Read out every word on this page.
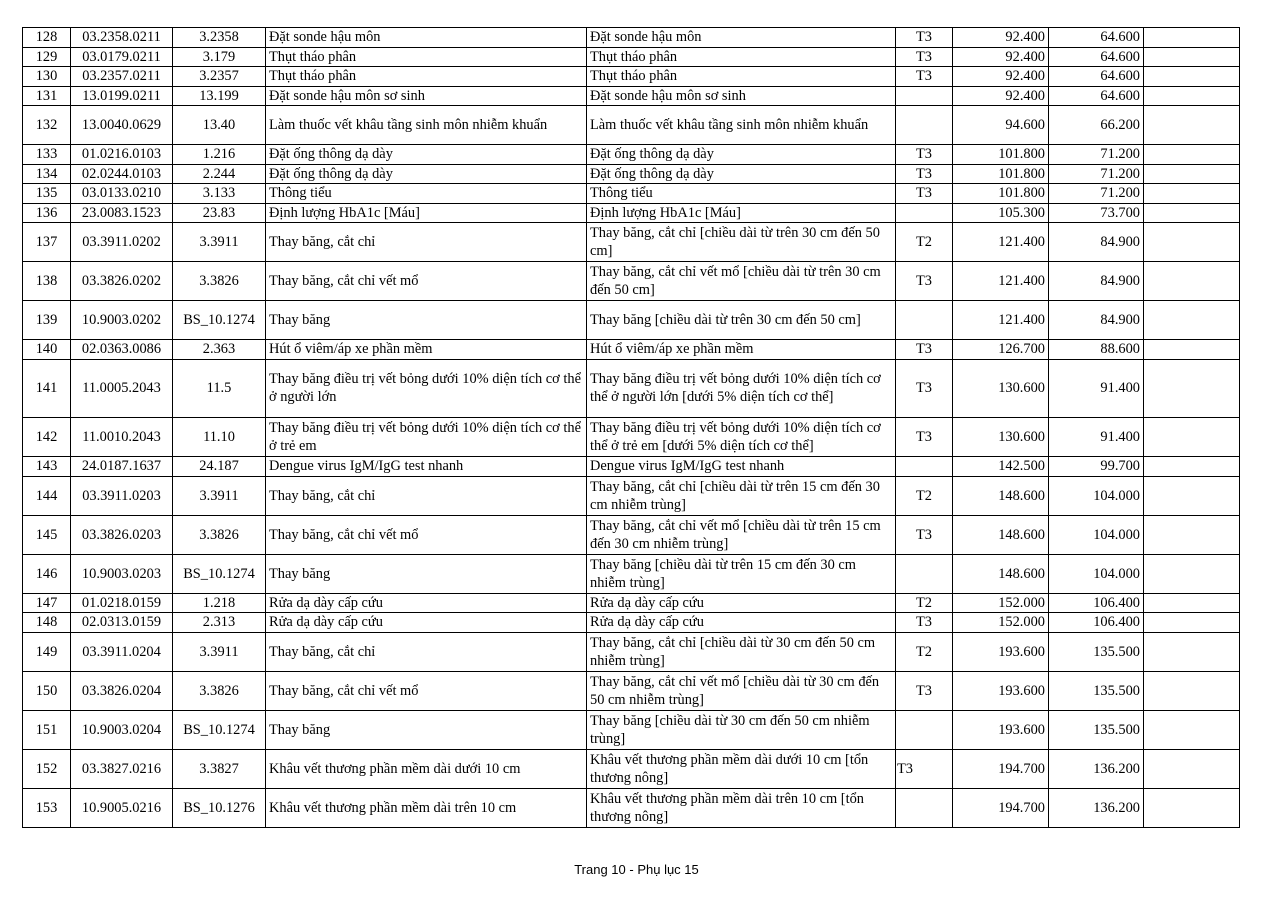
128	03.2358.0211	3.2358	Đặt sonde hậu môn	Đặt sonde hậu môn	T3	92.400	64.600	
129	03.0179.0211	3.179	Thụt tháo phân	Thụt tháo phân	T3	92.400	64.600	
130	03.2357.0211	3.2357	Thụt tháo phân	Thụt tháo phân	T3	92.400	64.600	
131	13.0199.0211	13.199	Đặt sonde hậu môn sơ sinh	Đặt sonde hậu môn sơ sinh		92.400	64.600	
132	13.0040.0629	13.40	Làm thuốc vết khâu tầng sinh môn nhiễm khuẩn	Làm thuốc vết khâu tầng sinh môn nhiễm khuẩn		94.600	66.200	
133	01.0216.0103	1.216	Đặt ống thông dạ dày	Đặt ống thông dạ dày	T3	101.800	71.200	
134	02.0244.0103	2.244	Đặt ống thông dạ dày	Đặt ống thông dạ dày	T3	101.800	71.200	
135	03.0133.0210	3.133	Thông tiểu	Thông tiểu	T3	101.800	71.200	
136	23.0083.1523	23.83	Định lượng HbA1c [Máu]	Định lượng HbA1c [Máu]		105.300	73.700	
137	03.3911.0202	3.3911	Thay băng, cắt chỉ	Thay băng, cắt chỉ [chiều dài từ trên 30 cm đến 50 cm]	T2	121.400	84.900	
138	03.3826.0202	3.3826	Thay băng, cắt chỉ vết mổ	Thay băng, cắt chỉ vết mổ [chiều dài từ trên 30 cm đến 50 cm]	T3	121.400	84.900	
139	10.9003.0202	BS_10.1274	Thay băng	Thay băng [chiều dài từ trên 30 cm đến 50 cm]		121.400	84.900	
140	02.0363.0086	2.363	Hút ổ viêm/áp xe phần mềm	Hút ổ viêm/áp xe phần mềm	T3	126.700	88.600	
141	11.0005.2043	11.5	Thay băng điều trị vết bỏng dưới 10% diện tích cơ thể ở người lớn	Thay băng điều trị vết bỏng dưới 10% diện tích cơ thể ở người lớn [dưới 5% diện tích cơ thể]	T3	130.600	91.400	
142	11.0010.2043	11.10	Thay băng điều trị vết bỏng dưới 10% diện tích cơ thể ở trẻ em	Thay băng điều trị vết bỏng dưới 10% diện tích cơ thể ở trẻ em [dưới 5% diện tích cơ thể]	T3	130.600	91.400	
143	24.0187.1637	24.187	Dengue virus IgM/IgG test nhanh	Dengue virus IgM/IgG test nhanh		142.500	99.700	
144	03.3911.0203	3.3911	Thay băng, cắt chỉ	Thay băng, cắt chỉ [chiều dài từ trên 15 cm đến 30 cm nhiễm trùng]	T2	148.600	104.000	
145	03.3826.0203	3.3826	Thay băng, cắt chỉ vết mổ	Thay băng, cắt chỉ vết mổ [chiều dài từ trên 15 cm đến 30 cm nhiễm trùng]	T3	148.600	104.000	
146	10.9003.0203	BS_10.1274	Thay băng	Thay băng [chiều dài từ trên 15 cm đến 30 cm nhiễm trùng]		148.600	104.000	
147	01.0218.0159	1.218	Rửa dạ dày cấp cứu	Rửa dạ dày cấp cứu	T2	152.000	106.400	
148	02.0313.0159	2.313	Rửa dạ dày cấp cứu	Rửa dạ dày cấp cứu	T3	152.000	106.400	
149	03.3911.0204	3.3911	Thay băng, cắt chỉ	Thay băng, cắt chỉ [chiều dài từ 30 cm đến 50 cm nhiễm trùng]	T2	193.600	135.500	
150	03.3826.0204	3.3826	Thay băng, cắt chỉ vết mổ	Thay băng, cắt chỉ vết mổ [chiều dài từ 30 cm đến 50 cm nhiễm trùng]	T3	193.600	135.500	
151	10.9003.0204	BS_10.1274	Thay băng	Thay băng [chiều dài từ 30 cm đến 50 cm nhiễm trùng]		193.600	135.500	
152	03.3827.0216	3.3827	Khâu vết thương phần mềm dài dưới 10 cm	Khâu vết thương phần mềm dài dưới 10 cm [tổn thương nông]	T3	194.700	136.200	
153	10.9005.0216	BS_10.1276	Khâu vết thương phần mềm dài trên 10 cm	Khâu vết thương phần mềm dài trên 10 cm [tổn thương nông]		194.700	136.200	
Trang 10 - Phụ lục 15
